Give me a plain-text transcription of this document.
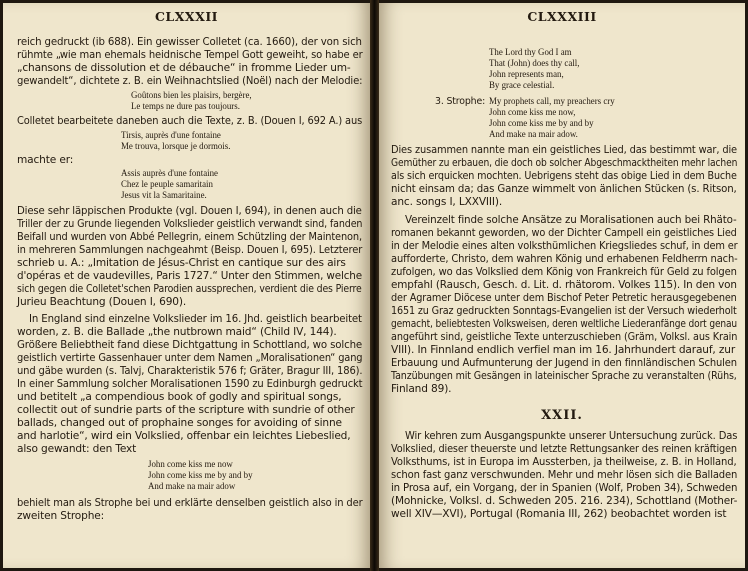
CLXXXII
reich gedruckt (ib 688). Ein gewisser Colletet (ca. 1660), der von sich
rühmte „wie man ehemals heidnische Tempel Gott geweiht, so habe er
„chansons de dissolution et de débauche“ in fromme Lieder um-
gewandelt“, dichtete z. B. ein Weihnachtslied (Noël) nach der Melodie:
Goûtons bien les plaisirs, bergère,
Le temps ne dure pas toujours.
Colletet bearbeitete daneben auch die Texte, z. B. (Douen I, 692 A.) aus
Tirsis, auprès d'une fontaine
Me trouva, lorsque je dormois.
machte er:
Assis auprès d'une fontaine
Chez le peuple samaritain
Jesus vit la Samaritaine.
Diese sehr läppischen Produkte (vgl. Douen I, 694), in denen auch die
Triller der zu Grunde liegenden Volkslieder geistlich verwandt sind, fanden
Beifall und wurden von Abbé Pellegrin, einem Schützling der Maintenon,
in mehreren Sammlungen nachgeahmt (Beisp. Douen I, 695). Letzterer
schrieb u. A.: „Imitation de Jésus-Christ en cantique sur des airs
d'opéras et de vaudevilles, Paris 1727.“ Unter den Stimmen, welche
sich gegen die Colletet'schen Parodien aussprechen, verdient die des Pierre
Jurieu Beachtung (Douen I, 690).
In England sind einzelne Volkslieder im 16. Jhd. geistlich bearbeitet
worden, z. B. die Ballade „the nutbrown maid“ (Child IV, 144).
Größere Beliebtheit fand diese Dichtgattung in Schottland, wo solche
geistlich vertirte Gassenhauer unter dem Namen „Moralisationen“ gang
und gäbe wurden (s. Talvj, Charakteristik 576 f; Gräter, Bragur III, 186).
In einer Sammlung solcher Moralisationen 1590 zu Edinburgh gedruckt
und betitelt „a compendious book of godly and spiritual songs,
collectit out of sundrie parts of the scripture with sundrie of other
ballads, changed out of prophaine songes for avoiding of sinne
and harlotie“, wird ein Volkslied, offenbar ein leichtes Liebeslied,
also gewandt: den Text
John come kiss me now
John come kiss me by and by
And make na mair adow
behielt man als Strophe bei und erklärte denselben geistlich also in der
zweiten Strophe:
CLXXXIII
The Lord thy God I am
That (John) does thy call,
John represents man,
By grace celestial.
3. Strophe: My prophets call, my preachers cry
John come kiss me now,
John come kiss me by and by
And make na mair adow.
Dies zusammen nannte man ein geistliches Lied, das bestimmt war, die
Gemüther zu erbauen, die doch ob solcher Abgeschmacktheiten mehr lachen
als sich erquicken mochten. Uebrigens steht das obige Lied in dem Buche
nicht einsam da; das Ganze wimmelt von änlichen Stücken (s. Ritson,
anc. songs I, LXXVIII).
Vereinzelt finde solche Ansätze zu Moralisationen auch bei Rhäto-
romanen bekannt geworden, wo der Dichter Campell ein geistliches Lied
in der Melodie eines alten volksthümlichen Kriegsliedes schuf, in dem er
aufforderte, Christo, dem wahren König und erhabenen Feldherrn nach-
zufolgen, wo das Volkslied dem König von Frankreich für Geld zu folgen
empfahl (Rausch, Gesch. d. Lit. d. rhätorom. Volkes 115). In den von
der Agramer Diöcese unter dem Bischof Peter Petretic herausgegebenen
1651 zu Graz gedruckten Sonntags-Evangelien ist der Versuch wiederholt
gemacht, beliebtesten Volksweisen, deren weltliche Liederanfänge dort genau
angeführt sind, geistliche Texte unterzuschieben (Gräm, Volksl. aus Krain
VIII). In Finnland endlich verfiel man im 16. Jahrhundert darauf, zur
Erbauung und Aufmunterung der Jugend in den finnländischen Schulen
Tanzübungen mit Gesängen in lateinischer Sprache zu veranstalten (Rühs,
Finland 89).
XXII.
Wir kehren zum Ausgangspunkte unserer Untersuchung zurück. Das
Volkslied, dieser theuerste und letzte Rettungsanker des reinen kräftigen
Volksthums, ist in Europa im Aussterben, ja theilweise, z. B. in Holland,
schon fast ganz verschwunden. Mehr und mehr lösen sich die Balladen
in Prosa auf, ein Vorgang, der in Spanien (Wolf, Proben 34), Schweden
(Mohnicke, Volksl. d. Schweden 205. 216. 234), Schottland (Mother-
well XIV—XVI), Portugal (Romania III, 262) beobachtet worden ist
